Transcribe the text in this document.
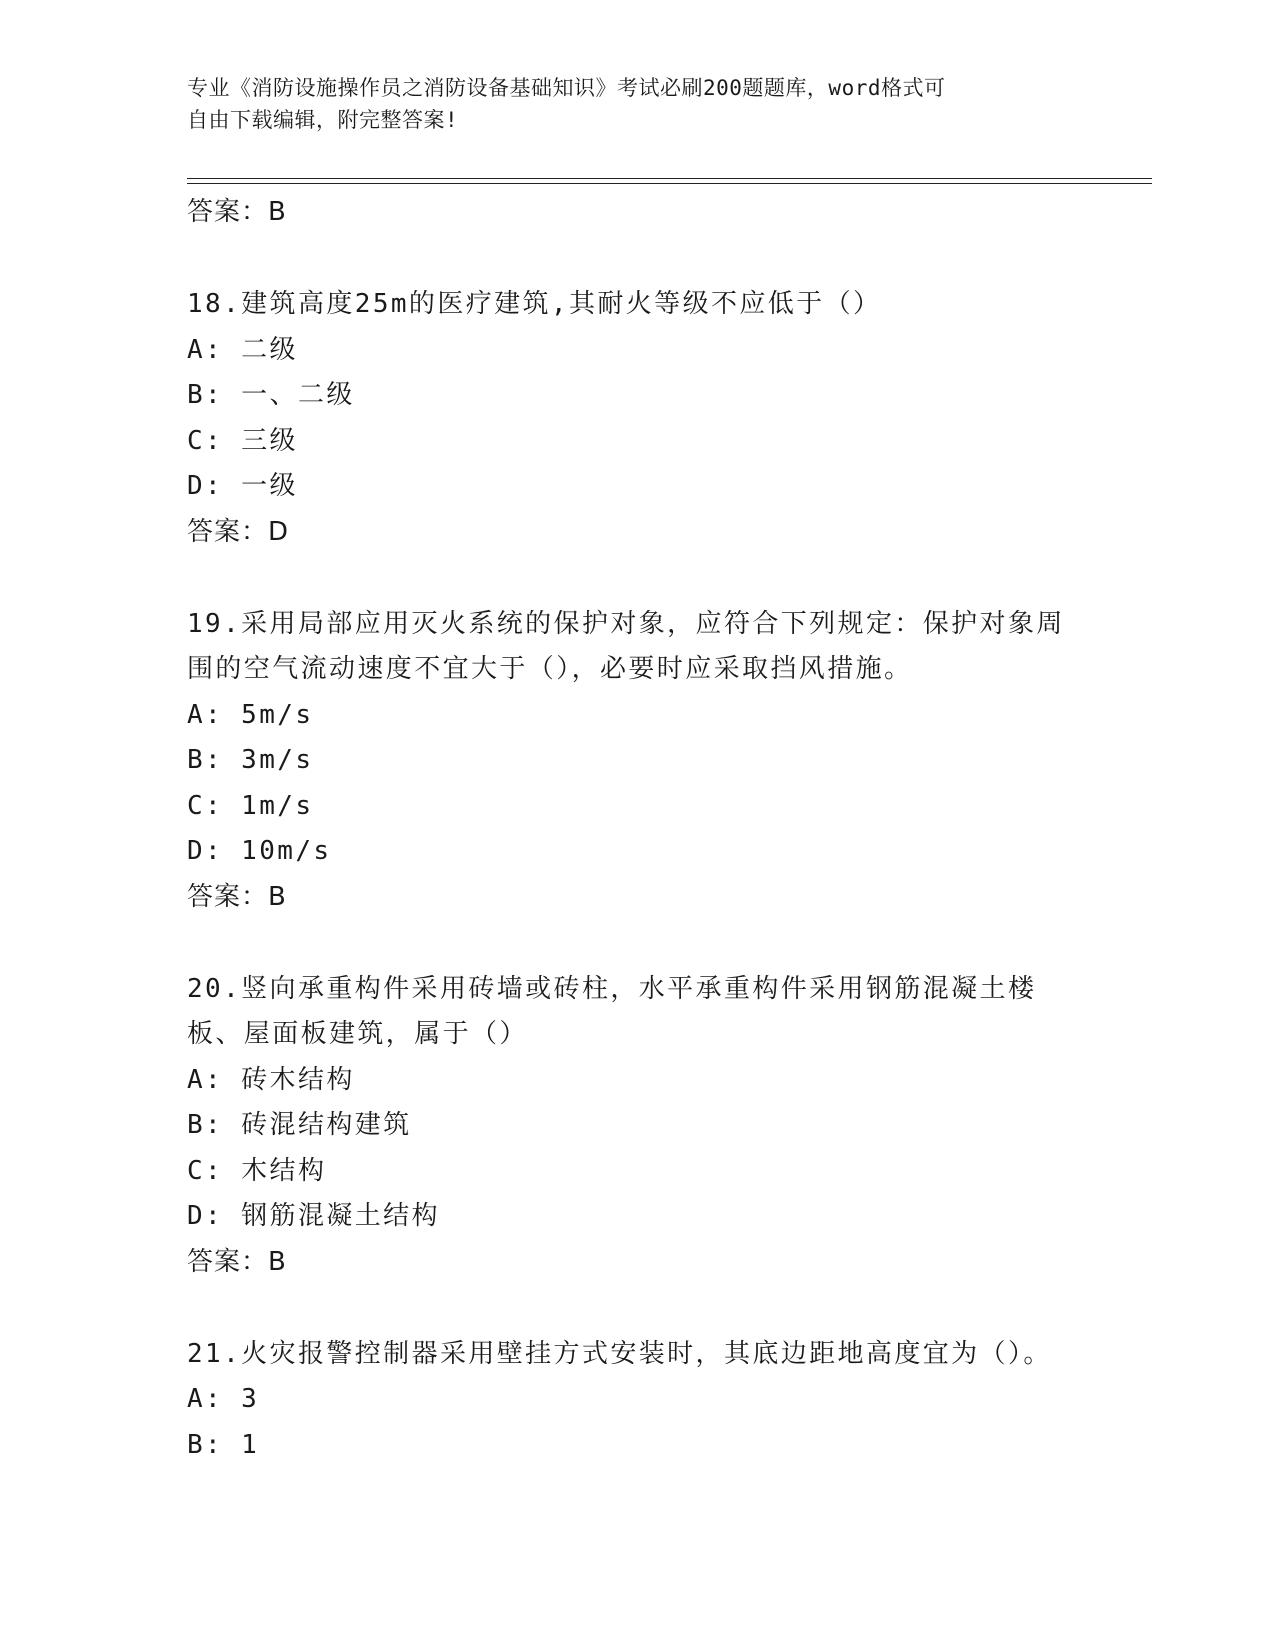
专业《消防设施操作员之消防设备基础知识》考试必刷200题题库，word格式可
自由下载编辑，附完整答案!

答案：B

18.建筑高度25m的医疗建筑,其耐火等级不应低于（）

A: 二级

B: 一、二级

C: 三级

D: 一级

答案：D

19.采用局部应用灭火系统的保护对象，应符合下列规定：保护对象周围的空气流动速度不宜大于（），必要时应采取挡风措施。

A: 5m/s

B: 3m/s

C: 1m/s

D: 10m/s

答案：B

20.竖向承重构件采用砖墙或砖柱，水平承重构件采用钢筋混凝土楼板、屋面板建筑，属于（）

A: 砖木结构

B: 砖混结构建筑

C: 木结构

D: 钢筋混凝土结构

答案：B

21.火灾报警控制器采用壁挂方式安装时，其底边距地高度宜为（）。

A: 3

B: 1
